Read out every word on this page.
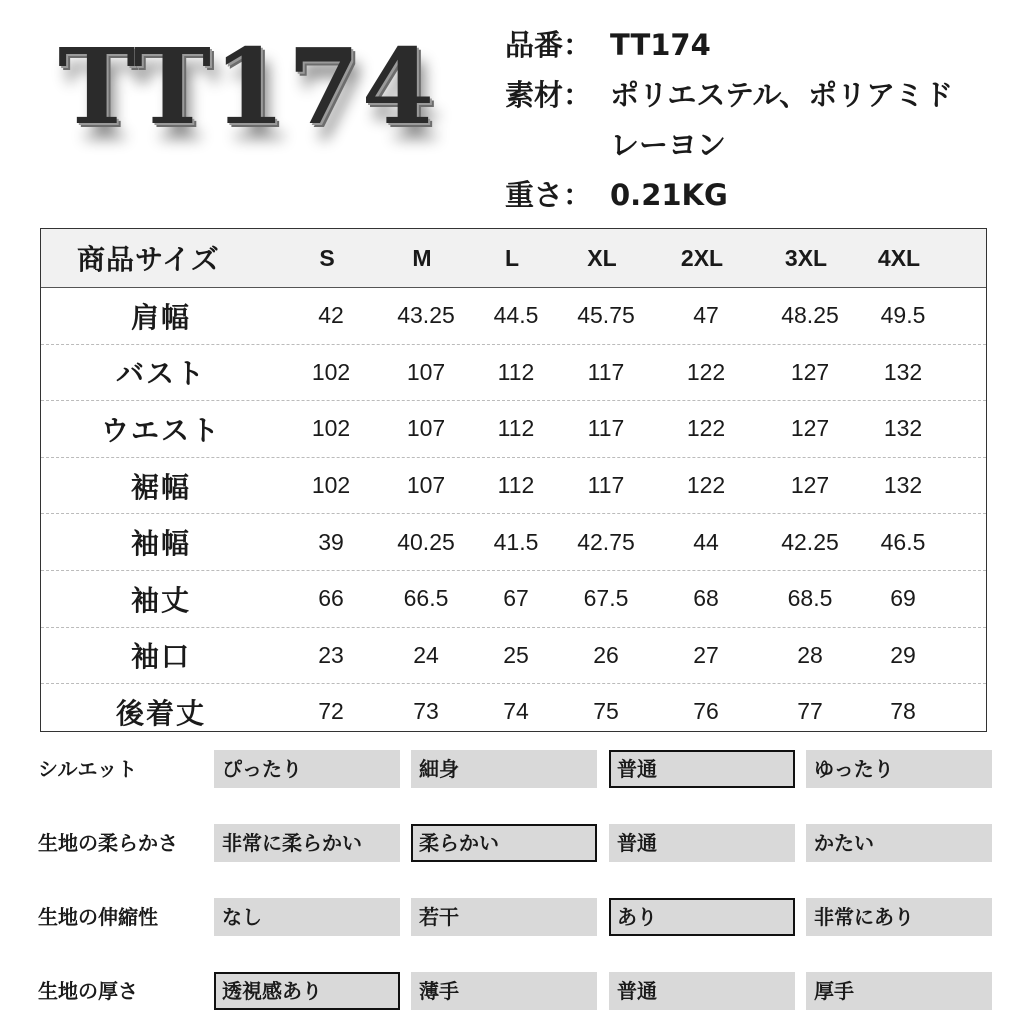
TT174 品番： TT174
素材： ポリエステル、ポリアミド
レーヨン
重さ： 0.21KG
商品サイズ	S	M	L	XL	2XL	3XL	4XL
肩幅	42	43.25	44.5	45.75	47	48.25	49.5
バスト	102	107	112	117	122	127	132
ウエスト	102	107	112	117	122	127	132
裾幅	102	107	112	117	122	127	132
袖幅	39	40.25	41.5	42.75	44	42.25	46.5
袖丈	66	66.5	67	67.5	68	68.5	69
袖口	23	24	25	26	27	28	29
後着丈	72	73	74	75	76	77	78
シルエット	ぴったり	細身	普通	ゆったり
生地の柔らかさ	非常に柔らかい	柔らかい	普通	かたい
生地の伸縮性	なし	若干	あり	非常にあり
生地の厚さ	透視感あり	薄手	普通	厚手
